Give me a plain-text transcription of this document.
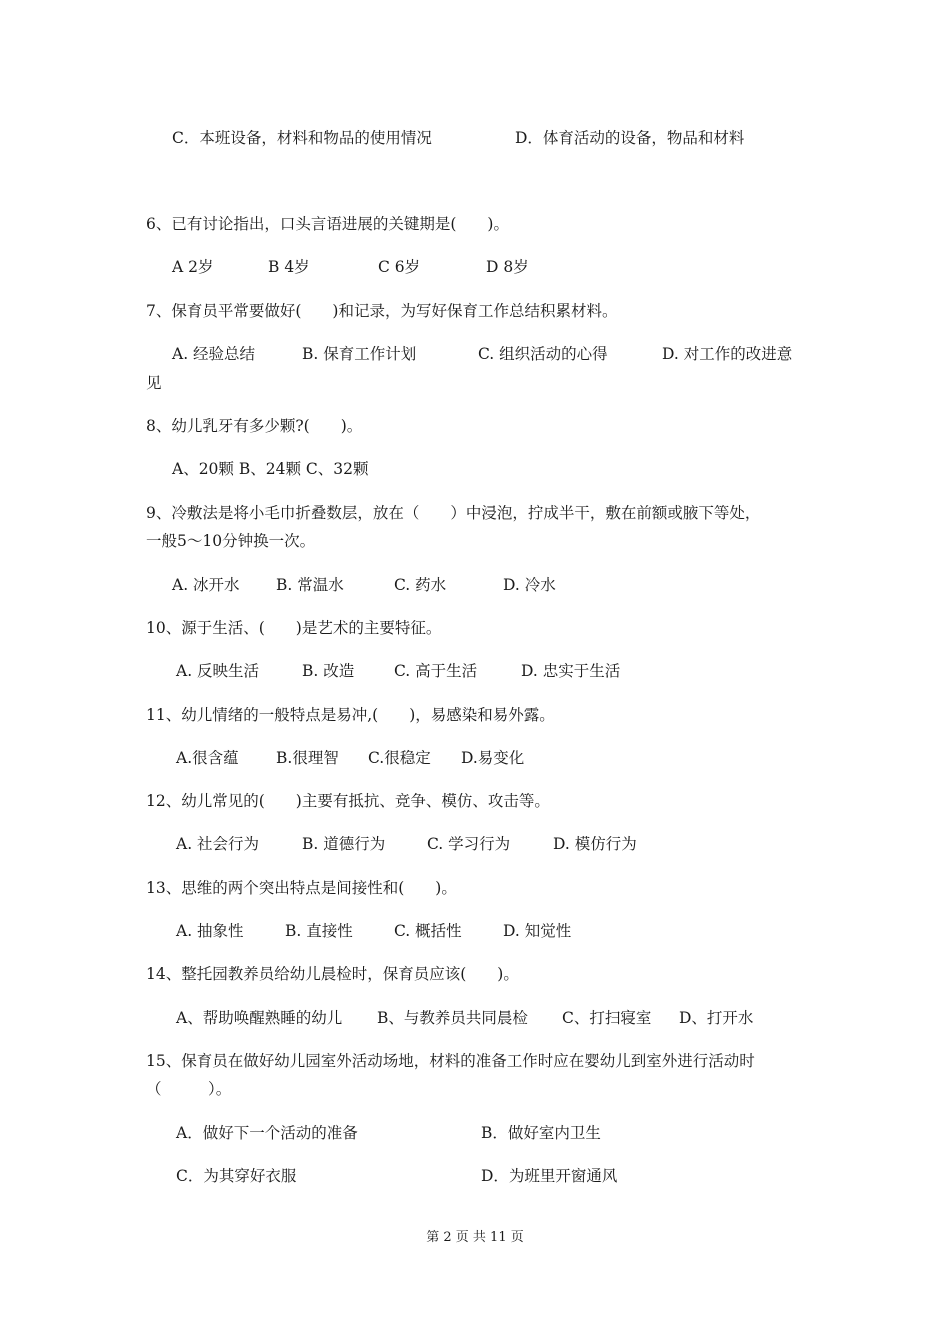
C．本班设备，材料和物品的使用情况	D．体育活动的设备，物品和材料
6、已有讨论指出，口头言语进展的关键期是(　　)。
A 2岁	B 4岁	C 6岁	D 8岁
7、保育员平常要做好(　　)和记录，为写好保育工作总结积累材料。
A. 经验总结	B. 保育工作计划	C. 组织活动的心得	D. 对工作的改进意
见
8、幼儿乳牙有多少颗?(　　)。
A、20颗 B、24颗 C、32颗
9、冷敷法是将小毛巾折叠数层，放在（　　）中浸泡，拧成半干，敷在前额或腋下等处，
一般5～10分钟换一次。
A. 冰开水 B. 常温水	C. 药水	D. 冷水
10、源于生活、(　　)是艺术的主要特征。
A. 反映生活	B. 改造	C. 高于生活	D. 忠实于生活
11、幼儿情绪的一般特点是易冲,(　　)，易感染和易外露。
A.很含蕴 B.很理智 C.很稳定 D.易变化
12、幼儿常见的(　　)主要有抵抗、竞争、模仿、攻击等。
A. 社会行为	B. 道德行为	C. 学习行为	D. 模仿行为
13、思维的两个突出特点是间接性和(　　)。
A. 抽象性	B. 直接性	C. 概括性	D. 知觉性
14、整托园教养员给幼儿晨检时，保育员应该(　　)。
A、帮助唤醒熟睡的幼儿 B、与教养员共同晨检 C、打扫寝室 D、打开水
15、保育员在做好幼儿园室外活动场地，材料的准备工作时应在婴幼儿到室外进行活动时
（　　　）。
A．做好下一个活动的准备	B．做好室内卫生
C．为其穿好衣服	D．为班里开窗通风
第 2 页 共 11 页
